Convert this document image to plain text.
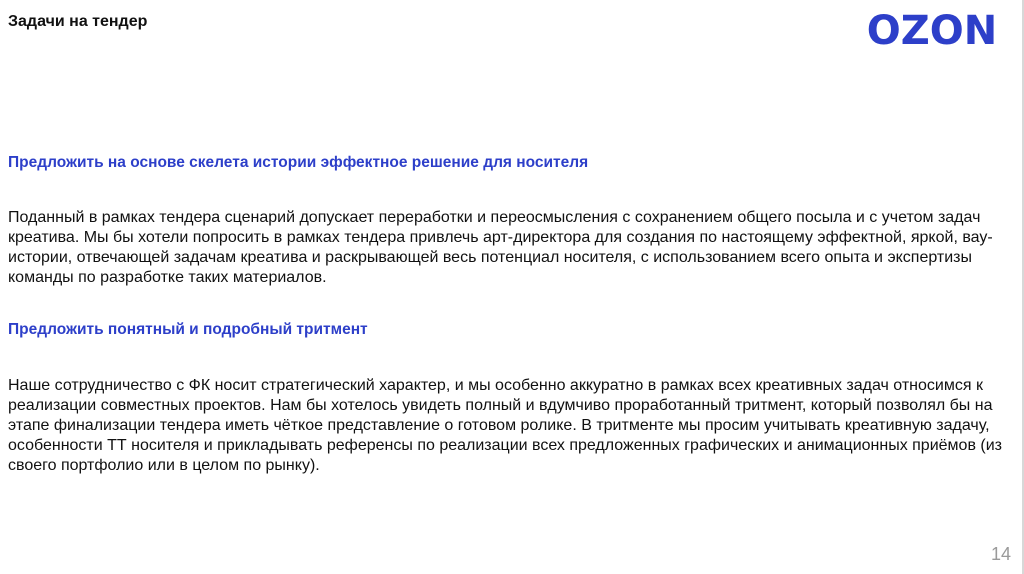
Задачи на тендер	OZON
Предложить на основе скелета истории эффектное решение для носителя
Поданный в рамках тендера сценарий допускает переработки и переосмысления с сохранением общего посыла и с учетом задач креатива. Мы бы хотели попросить в рамках тендера привлечь арт-директора для создания по настоящему эффектной, яркой, вау-истории, отвечающей задачам креатива и раскрывающей весь потенциал носителя, с использованием всего опыта и экспертизы команды по разработке таких материалов.
Предложить понятный и подробный тритмент
Наше сотрудничество с ФК носит стратегический характер, и мы особенно аккуратно в рамках всех креативных задач относимся к реализации совместных проектов. Нам бы хотелось увидеть полный и вдумчиво проработанный тритмент, который позволял бы на этапе финализации тендера иметь чёткое представление о готовом ролике. В тритменте мы просим учитывать креативную задачу, особенности ТТ носителя и прикладывать референсы по реализации всех предложенных графических и анимационных приёмов (из своего портфолио или в целом по рынку).
14
